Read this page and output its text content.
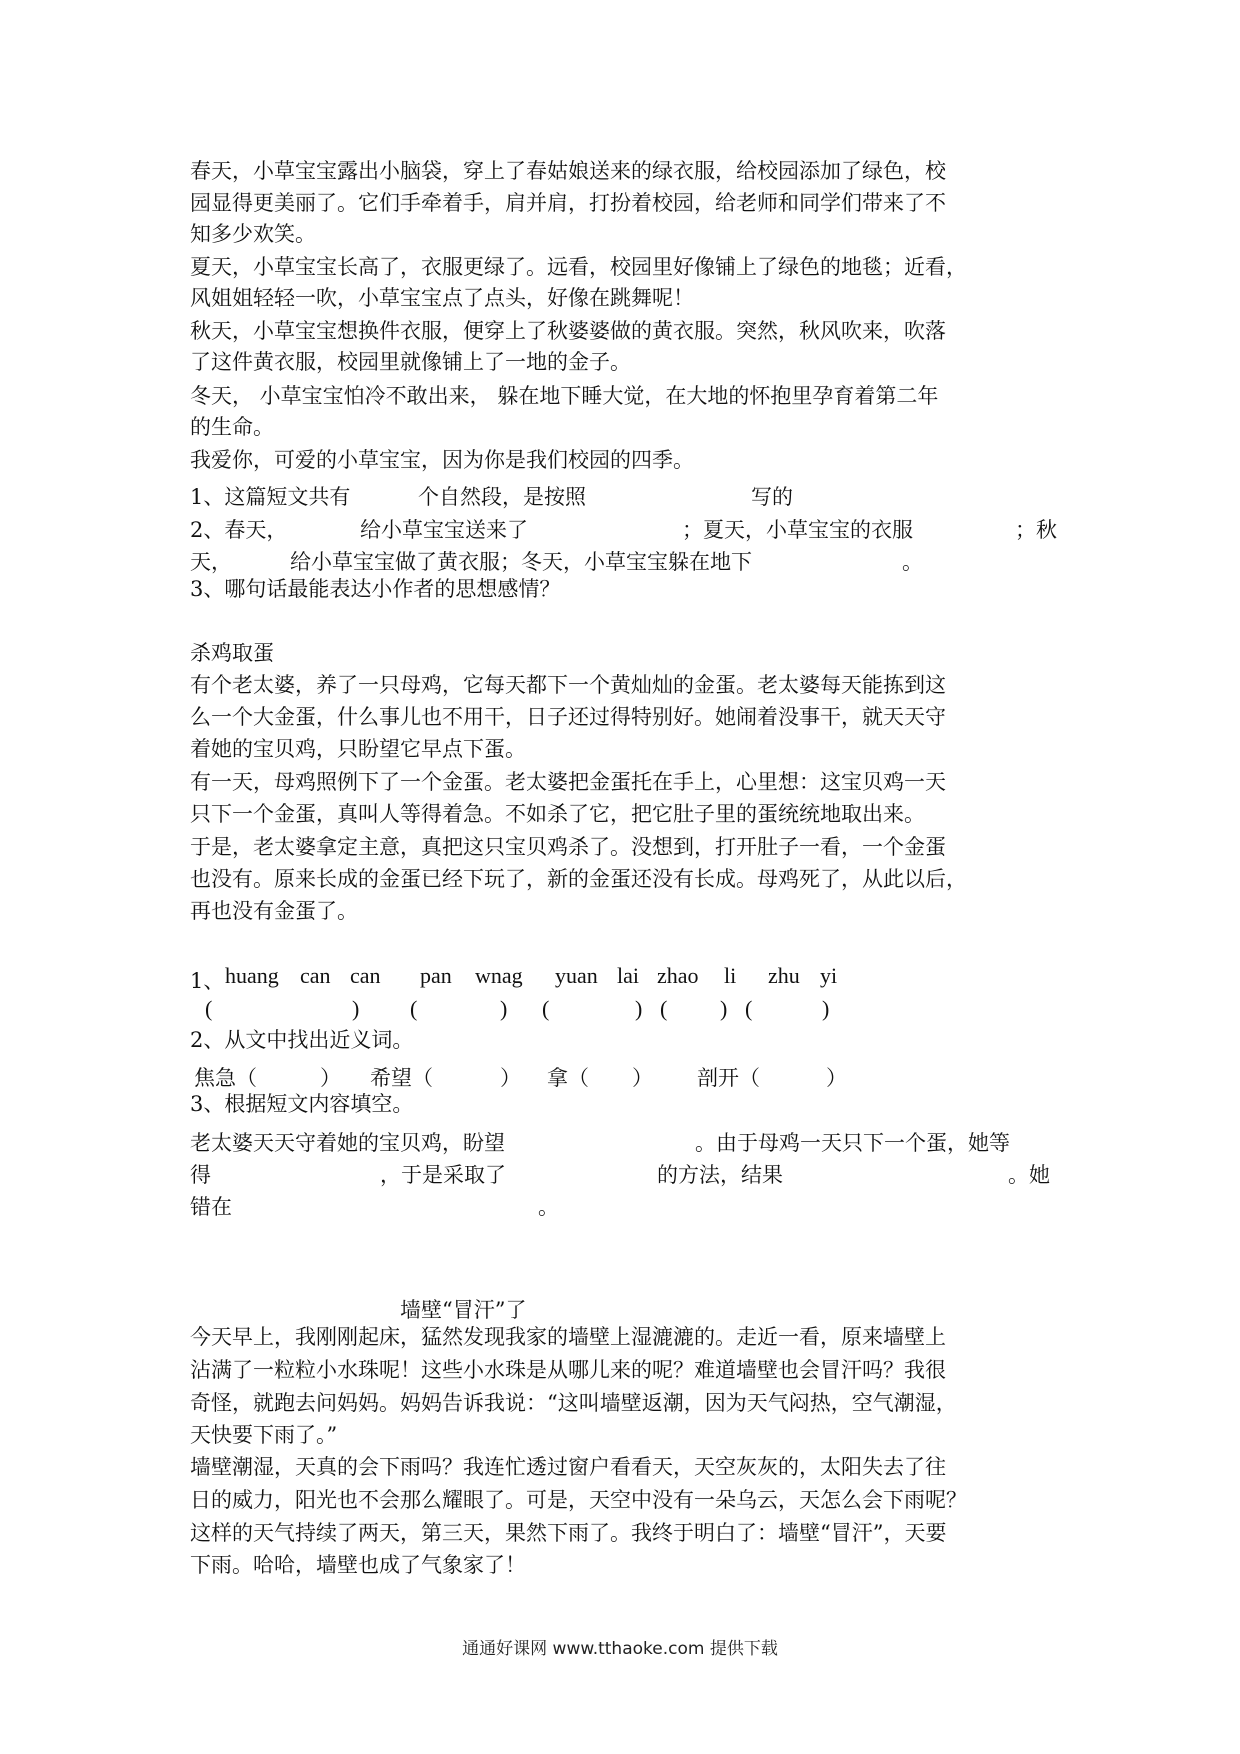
春天，小草宝宝露出小脑袋，穿上了春姑娘送来的绿衣服，给校园添加了绿色，校
园显得更美丽了。它们手牵着手，肩并肩，打扮着校园，给老师和同学们带来了不
知多少欢笑。
夏天，小草宝宝长高了，衣服更绿了。远看，校园里好像铺上了绿色的地毯；近看，
风姐姐轻轻一吹，小草宝宝点了点头，好像在跳舞呢！
秋天，小草宝宝想换件衣服，便穿上了秋婆婆做的黄衣服。突然，秋风吹来，吹落
了这件黄衣服，校园里就像铺上了一地的金子。
冬天， 小草宝宝怕冷不敢出来， 躲在地下睡大觉，在大地的怀抱里孕育着第二年
的生命。
我爱你，可爱的小草宝宝，因为你是我们校园的四季。
1、这篇短文共有	个自然段，是按照	写的
2、春天，	给小草宝宝送来了	；夏天，小草宝宝的衣服	；秋
天，	给小草宝宝做了黄衣服；冬天，小草宝宝躲在地下	。
3、哪句话最能表达小作者的思想感情？
杀鸡取蛋
有个老太婆，养了一只母鸡，它每天都下一个黄灿灿的金蛋。老太婆每天能拣到这
么一个大金蛋，什么事儿也不用干，日子还过得特别好。她闹着没事干，就天天守
着她的宝贝鸡，只盼望它早点下蛋。
有一天，母鸡照例下了一个金蛋。老太婆把金蛋托在手上，心里想：这宝贝鸡一天
只下一个金蛋，真叫人等得着急。不如杀了它，把它肚子里的蛋统统地取出来。
于是，老太婆拿定主意，真把这只宝贝鸡杀了。没想到，打开肚子一看，一个金蛋
也没有。原来长成的金蛋已经下玩了，新的金蛋还没有长成。母鸡死了，从此以后，
再也没有金蛋了。
1、 huang can can pan wnag yuan lai zhao li zhu yi
(	) (	) (	) ( ) (	)
2、从文中找出近义词。
焦急（	） 希望（	） 拿（ ） 剖开（	）
3、根据短文内容填空。
老太婆天天守着她的宝贝鸡，盼望	。由于母鸡一天只下一个蛋，她等
得	，于是采取了	的方法，结果	。她
错在	。
墙壁“冒汗”了
今天早上，我刚刚起床，猛然发现我家的墙壁上湿漉漉的。走近一看，原来墙壁上
沾满了一粒粒小水珠呢！这些小水珠是从哪儿来的呢？难道墙壁也会冒汗吗？我很
奇怪，就跑去问妈妈。妈妈告诉我说：“这叫墙壁返潮，因为天气闷热，空气潮湿，
天快要下雨了。”
墙壁潮湿，天真的会下雨吗？我连忙透过窗户看看天，天空灰灰的，太阳失去了往
日的威力，阳光也不会那么耀眼了。可是，天空中没有一朵乌云，天怎么会下雨呢？
这样的天气持续了两天，第三天，果然下雨了。我终于明白了：墙壁“冒汗”，天要
下雨。哈哈，墙壁也成了气象家了！
通通好课网 www.tthaoke.com 提供下载
